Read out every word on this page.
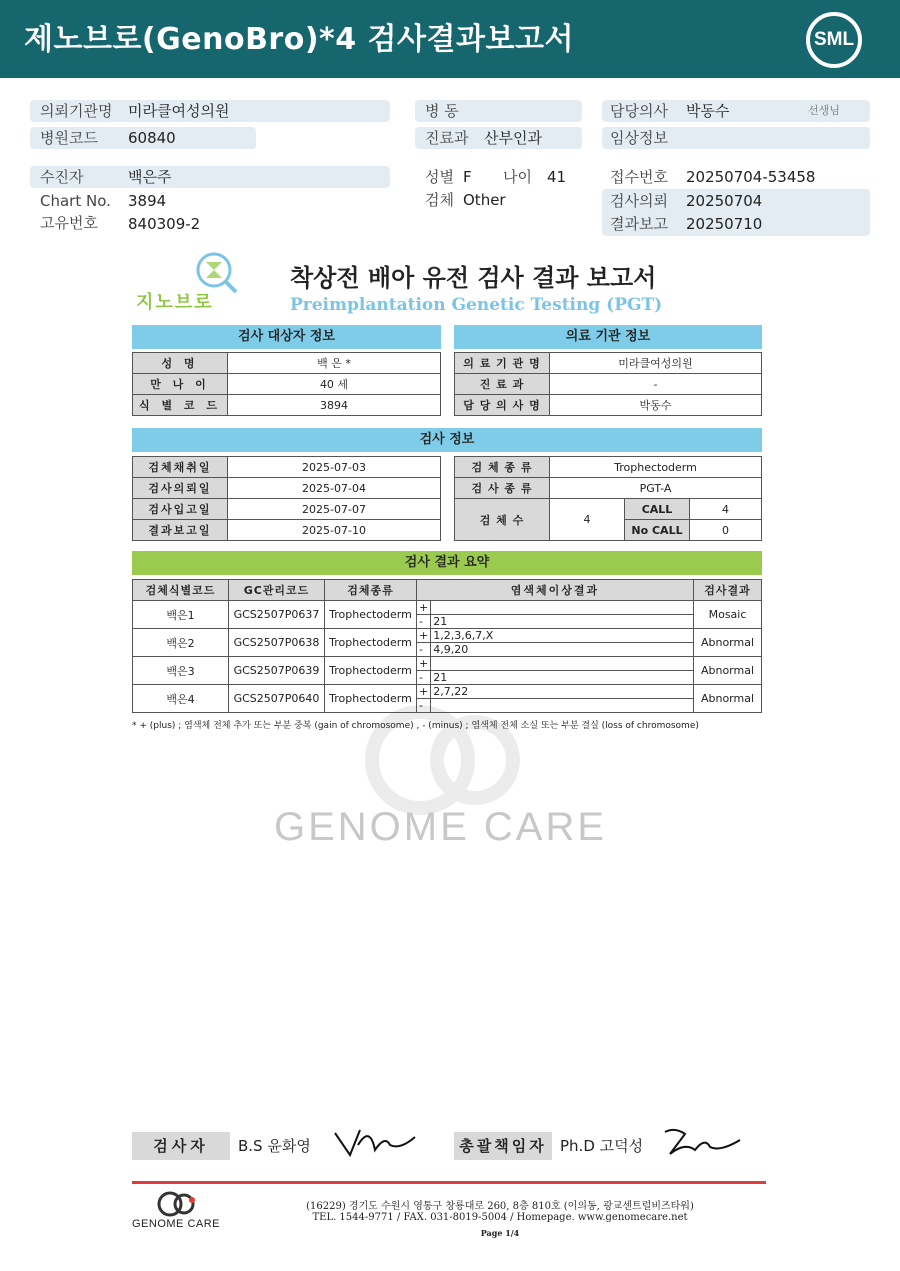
제노브로(GenoBro)*4 검사결과보고서	SML
의뢰기관명 미라클여성의원
병원코드 60840
병 동
진료과 산부인과
담당의사 박동수	선생님
임상정보
수진자	백은주
Chart No. 3894
고유번호 840309-2
성별 F 나이 41
검체 Other
접수번호 20250704-53458
검사의뢰 20250704
결과보고 20250710
지노브로
착상전 배아 유전 검사 결과 보고서
Preimplantation Genetic Testing (PGT)
검사 대상자 정보
성 명	백 은 *
만 나 이	40 세
식 별 코 드	3894
의료 기관 정보
의 료 기 관 명	미라클여성의원
진 료 과	-
담 당 의 사 명	박동수
검사 정보
검체채취일	2025-07-03
검사의뢰일	2025-07-04
검사입고일	2025-07-07
결과보고일	2025-07-10
검 체 종 류	Trophectoderm		
검 사 종 류	PGT-A		
검 체 수	4	CALL	4
		No CALL	0
GENOME CARE
검사 결과 요약
검체식별코드	GC관리코드	검체종류	염색체이상결과		검사결과
백은1	GCS2507P0637	Trophectoderm	+		Mosaic
			-	21	
백은2	GCS2507P0638	Trophectoderm	+	1,2,3,6,7,X	Abnormal
			-	4,9,20	
백은3	GCS2507P0639	Trophectoderm	+		Abnormal
			-	21	
백은4	GCS2507P0640	Trophectoderm	+	2,7,22	Abnormal
			-		
* + (plus) ; 염색체 전체 추가 또는 부분 중복 (gain of chromosome) , - (minus) ; 염색체 전체 소실 또는 부분 결실 (loss of chromosome)
검사자	B.S 윤화영	총괄책임자 Ph.D 고덕성
GENOME CARE
(16229) 경기도 수원시 영통구 창룡대로 260, 8층 810호 (이의동, 광교센트럴비즈타워)
TEL. 1544-9771 / FAX. 031-8019-5004 / Homepage. www.genomecare.net
Page 1/4
